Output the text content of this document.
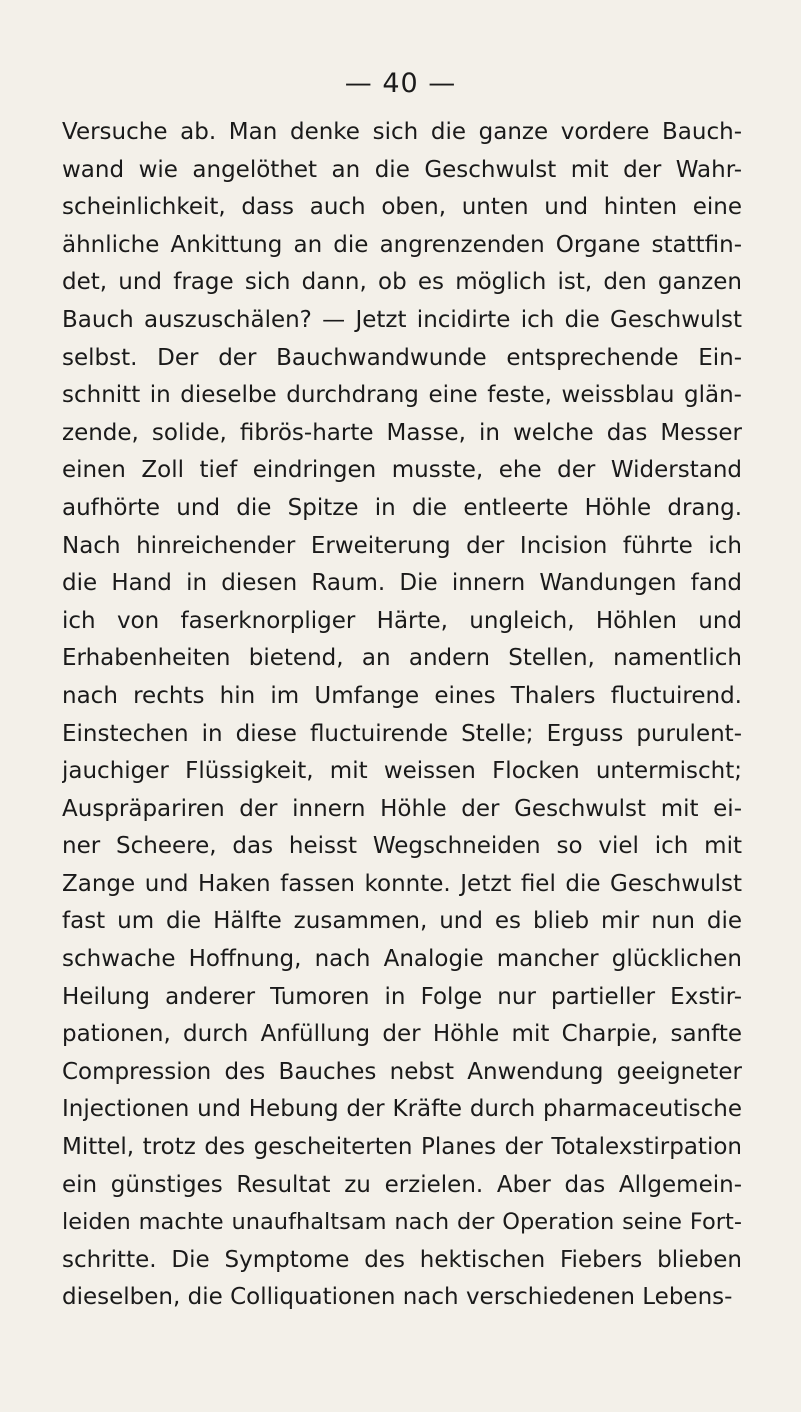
— 40 —
Versuche ab. Man denke sich die ganze vordere Bauch-
wand wie angelöthet an die Geschwulst mit der Wahr-
scheinlichkeit, dass auch oben, unten und hinten eine
ähnliche Ankittung an die angrenzenden Organe stattfin-
det, und frage sich dann, ob es möglich ist, den ganzen
Bauch auszuschälen? — Jetzt incidirte ich die Geschwulst
selbst. Der der Bauchwandwunde entsprechende Ein-
schnitt in dieselbe durchdrang eine feste, weissblau glän-
zende, solide, fibrös-harte Masse, in welche das Messer
einen Zoll tief eindringen musste, ehe der Widerstand
aufhörte und die Spitze in die entleerte Höhle drang.
Nach hinreichender Erweiterung der Incision führte ich
die Hand in diesen Raum. Die innern Wandungen fand
ich von faserknorpliger Härte, ungleich, Höhlen und
Erhabenheiten bietend, an andern Stellen, namentlich
nach rechts hin im Umfange eines Thalers fluctuirend.
Einstechen in diese fluctuirende Stelle; Erguss purulent-
jauchiger Flüssigkeit, mit weissen Flocken untermischt;
Auspräpariren der innern Höhle der Geschwulst mit ei-
ner Scheere, das heisst Wegschneiden so viel ich mit
Zange und Haken fassen konnte. Jetzt fiel die Geschwulst
fast um die Hälfte zusammen, und es blieb mir nun die
schwache Hoffnung, nach Analogie mancher glücklichen
Heilung anderer Tumoren in Folge nur partieller Exstir-
pationen, durch Anfüllung der Höhle mit Charpie, sanfte
Compression des Bauches nebst Anwendung geeigneter
Injectionen und Hebung der Kräfte durch pharmaceutische
Mittel, trotz des gescheiterten Planes der Totalexstirpation
ein günstiges Resultat zu erzielen. Aber das Allgemein-
leiden machte unaufhaltsam nach der Operation seine Fort-
schritte. Die Symptome des hektischen Fiebers blieben
dieselben, die Colliquationen nach verschiedenen Lebens-
